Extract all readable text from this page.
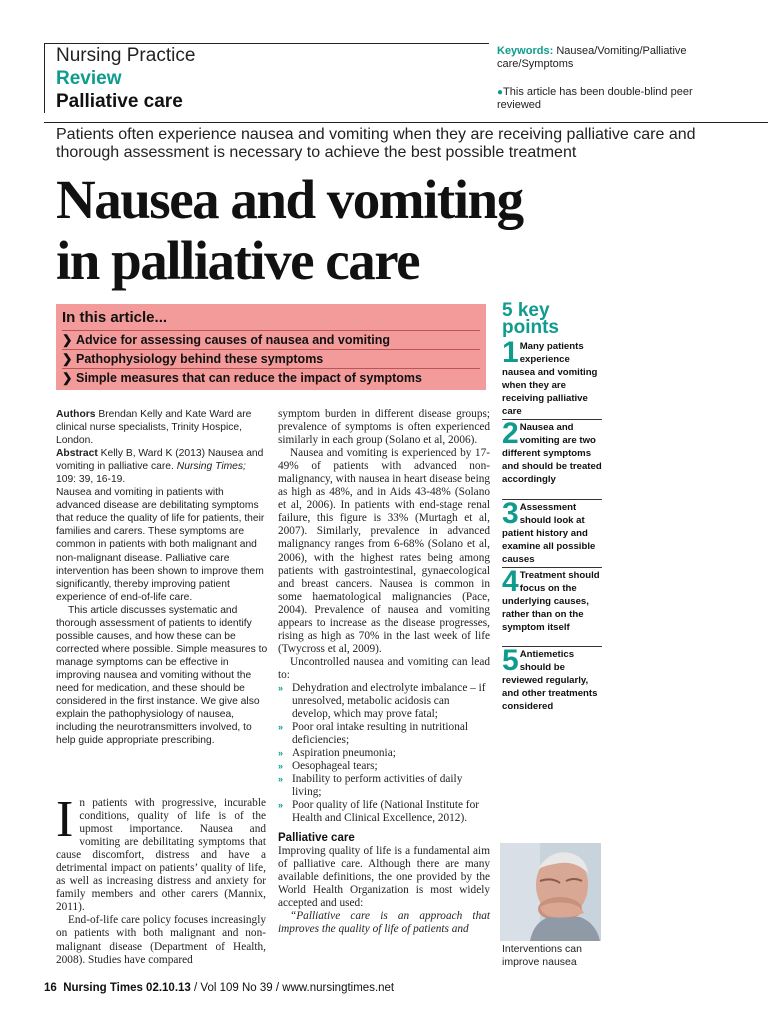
Nursing Practice
Review
Palliative care
Keywords: Nausea/Vomiting/Palliative care/Symptoms
●This article has been double-blind peer reviewed
Patients often experience nausea and vomiting when they are receiving palliative care and thorough assessment is necessary to achieve the best possible treatment
Nausea and vomiting
in palliative care
In this article...
❯ Advice for assessing causes of nausea and vomiting
❯ Pathophysiology behind these symptoms
❯ Simple measures that can reduce the impact of symptoms

Authors Brendan Kelly and Kate Ward are clinical nurse specialists, Trinity Hospice, London.

Abstract Kelly B, Ward K (2013) Nausea and vomiting in palliative care. Nursing Times; 109: 39, 16-19.

Nausea and vomiting in patients with advanced disease are debilitating symptoms that reduce the quality of life for patients, their families and carers. These symptoms are common in patients with both malignant and non-malignant disease. Palliative care intervention has been shown to improve them significantly, thereby improving patient experience of end-of-life care.

This article discusses systematic and thorough assessment of patients to identify possible causes, and how these can be corrected where possible. Simple measures to manage symptoms can be effective in improving nausea and vomiting without the need for medication, and these should be considered in the first instance. We give also explain the pathophysiology of nausea, including the neurotransmitters involved, to help guide appropriate prescribing.

I n patients with progressive, incurable conditions, quality of life is of the upmost importance. Nausea and vomiting are debilitating symptoms that cause discomfort, distress and have a detrimental impact on patients’ quality of life, as well as increasing distress and anxiety for family members and other carers (Mannix, 2011).

End-of-life care policy focuses increasingly on patients with both malignant and non-malignant disease (Department of Health, 2008). Studies have compared

symptom burden in different disease groups; prevalence of symptoms is often experienced similarly in each group (Solano et al, 2006).

Nausea and vomiting is experienced by 17-49% of patients with advanced non-malignancy, with nausea in heart disease being as high as 48%, and in Aids 43-48% (Solano et al, 2006). In patients with end-stage renal failure, this figure is 33% (Murtagh et al, 2007). Similarly, prevalence in advanced malignancy ranges from 6-68% (Solano et al, 2006), with the highest rates being among patients with gastrointestinal, gynaecological and breast cancers. Nausea is common in some haematological malignancies (Pace, 2004). Prevalence of nausea and vomiting appears to increase as the disease progresses, rising as high as 70% in the last week of life (Twycross et al, 2009).

Uncontrolled nausea and vomiting can lead to:

» Dehydration and electrolyte imbalance – if unresolved, metabolic acidosis can develop, which may prove fatal;

» Poor oral intake resulting in nutritional deficiencies;

» Aspiration pneumonia;

» Oesophageal tears;

» Inability to perform activities of daily living;

» Poor quality of life (National Institute for Health and Clinical Excellence, 2012).

Palliative care

Improving quality of life is a fundamental aim of palliative care. Although there are many available definitions, the one provided by the World Health Organization is most widely accepted and used:

“Palliative care is an approach that improves the quality of life of patients and

5 key
points
1 Many patients experience nausea and vomiting when they are receiving palliative care
2 Nausea and vomiting are two different symptoms and should be treated accordingly
3 Assessment should look at patient history and examine all possible causes
4 Treatment should focus on the underlying causes, rather than on the symptom itself
5 Antiemetics should be reviewed regularly, and other treatments considered
Interventions can improve nausea
16 Nursing Times 02.10.13 / Vol 109 No 39 / www.nursingtimes.net
